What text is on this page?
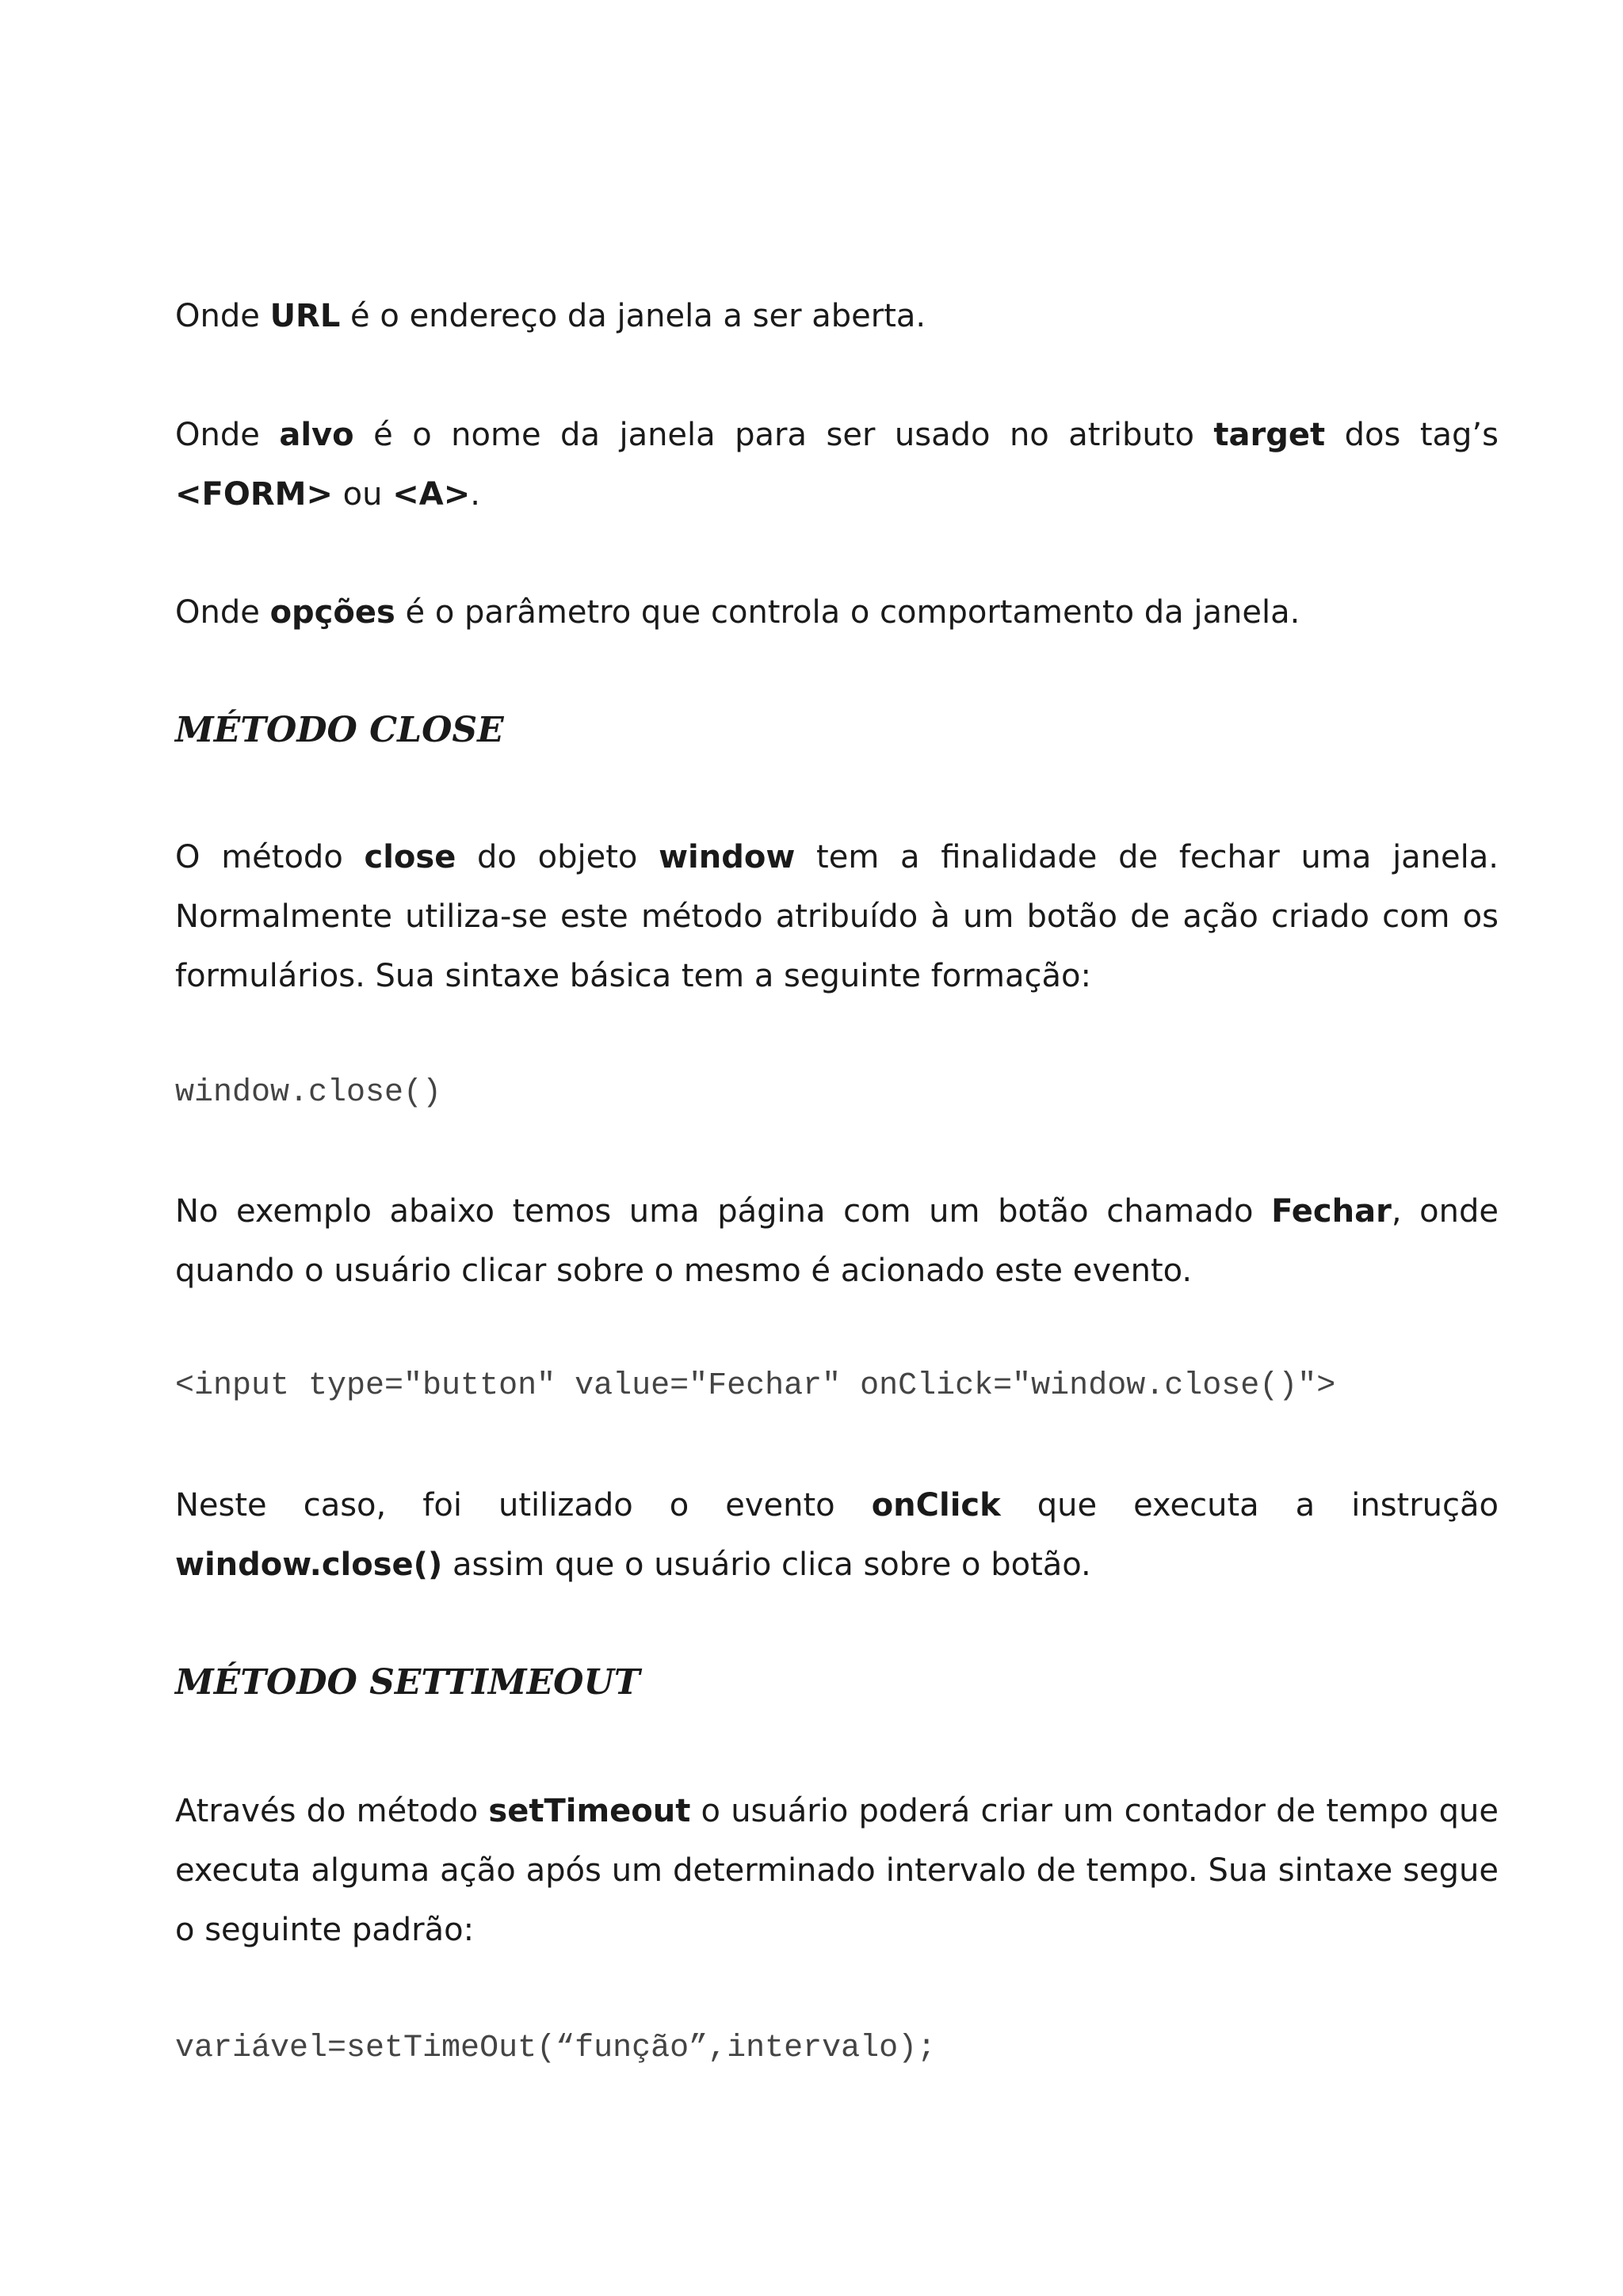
Onde URL é o endereço da janela a ser aberta.

Onde alvo é o nome da janela para ser usado no atributo target dos tag’s <FORM> ou <A>.

Onde opções é o parâmetro que controla o comportamento da janela.

MÉTODO CLOSE

O método close do objeto window tem a finalidade de fechar uma janela. Normalmente utiliza-se este método atribuído à um botão de ação criado com os formulários. Sua sintaxe básica tem a seguinte formação:

window.close()

No exemplo abaixo temos uma página com um botão chamado Fechar, onde quando o usuário clicar sobre o mesmo é acionado este evento.

<input type="button" value="Fechar" onClick="window.close()">

Neste caso, foi utilizado o evento onClick que executa a instrução window.close() assim que o usuário clica sobre o botão.

MÉTODO SETTIMEOUT

Através do método setTimeout o usuário poderá criar um contador de tempo que executa alguma ação após um determinado intervalo de tempo. Sua sintaxe segue o seguinte padrão:

variável=setTimeOut(“função”,intervalo);
